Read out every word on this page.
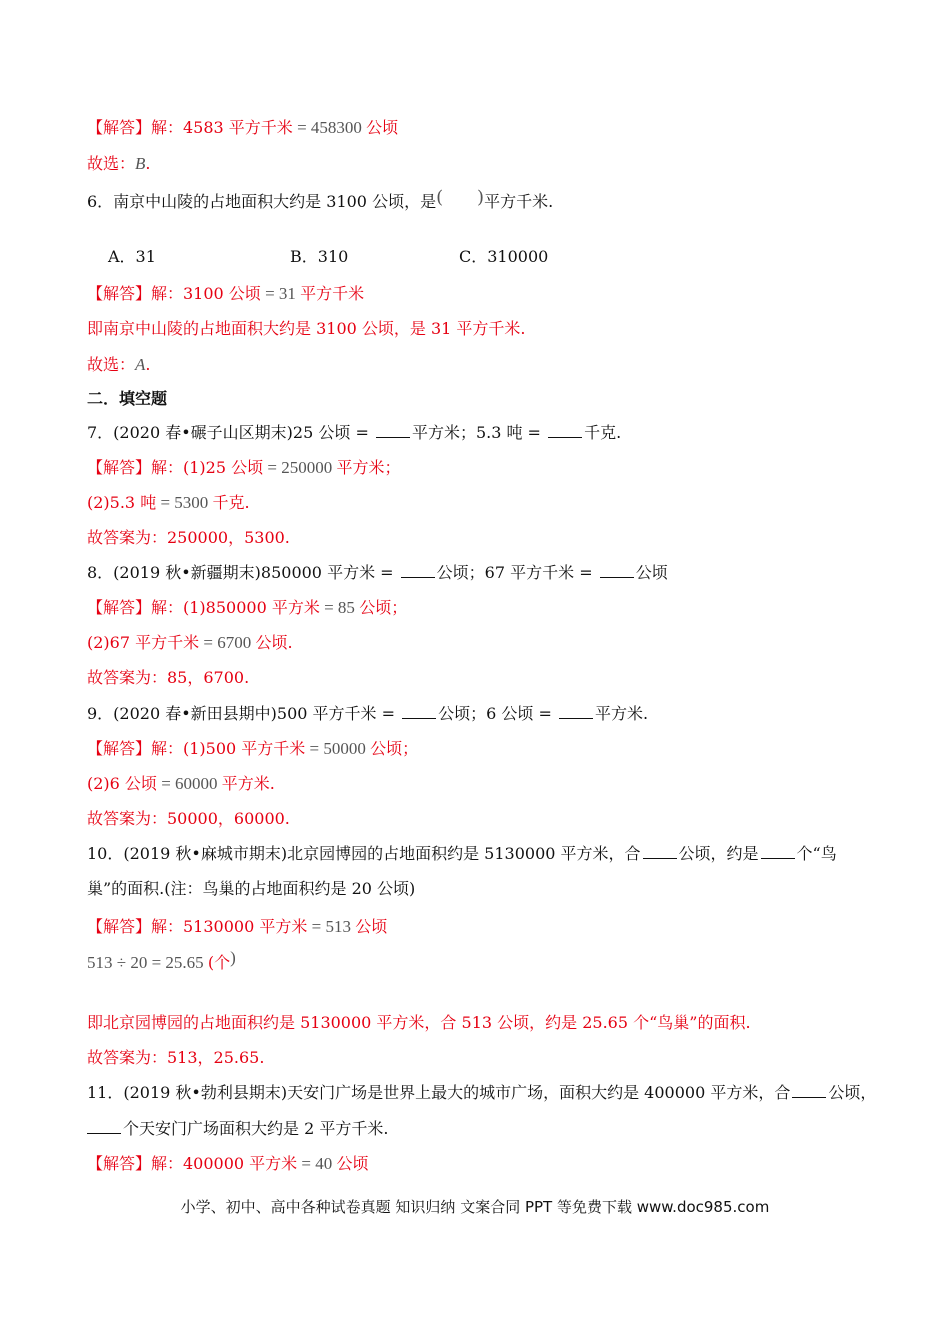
【解答】解：4583 平方千米 = 458300 公顷
故选：B.
6．南京中山陵的占地面积大约是 3100 公顷，是( ) 平方千米.
A．31	B．310	C．310000
【解答】解：3100 公顷 = 31 平方千米
即南京中山陵的占地面积大约是 3100 公顷，是 31 平方千米.
故选：A.
二．填空题
7．(2020 春•碾子山区期末)25 公顷 = 平方米；5.3 吨 = 千克.
【解答】解：(1)25 公顷 = 250000 平方米；
(2)5.3 吨 = 5300 千克.
故答案为：250000，5300.
8．(2019 秋•新疆期末)850000 平方米 = 公顷；67 平方千米 = 公顷
【解答】解：(1)850000 平方米 = 85 公顷；
(2)67 平方千米 = 6700 公顷.
故答案为：85，6700.
9．(2020 春•新田县期中)500 平方千米 = 公顷；6 公顷 = 平方米.
【解答】解：(1)500 平方千米 = 50000 公顷；
(2)6 公顷 = 60000 平方米.
故答案为：50000，60000.
10．(2019 秋•麻城市期末)北京园博园的占地面积约是 5130000 平方米，合 公顷，约是 个“鸟
巢”的面积.(注：鸟巢的占地面积约是 20 公顷)
【解答】解：5130000 平方米 = 513 公顷
513 ÷ 20 = 25.65 (个)
即北京园博园的占地面积约是 5130000 平方米，合 513 公顷，约是 25.65 个“鸟巢”的面积.
故答案为：513，25.65.
11．(2019 秋•勃利县期末)天安门广场是世界上最大的城市广场，面积大约是 400000 平方米，合 公顷，
个天安门广场面积大约是 2 平方千米.
【解答】解：400000 平方米 = 40 公顷
小学、初中、高中各种试卷真题 知识归纳 文案合同 PPT 等免费下载 www.doc985.com
